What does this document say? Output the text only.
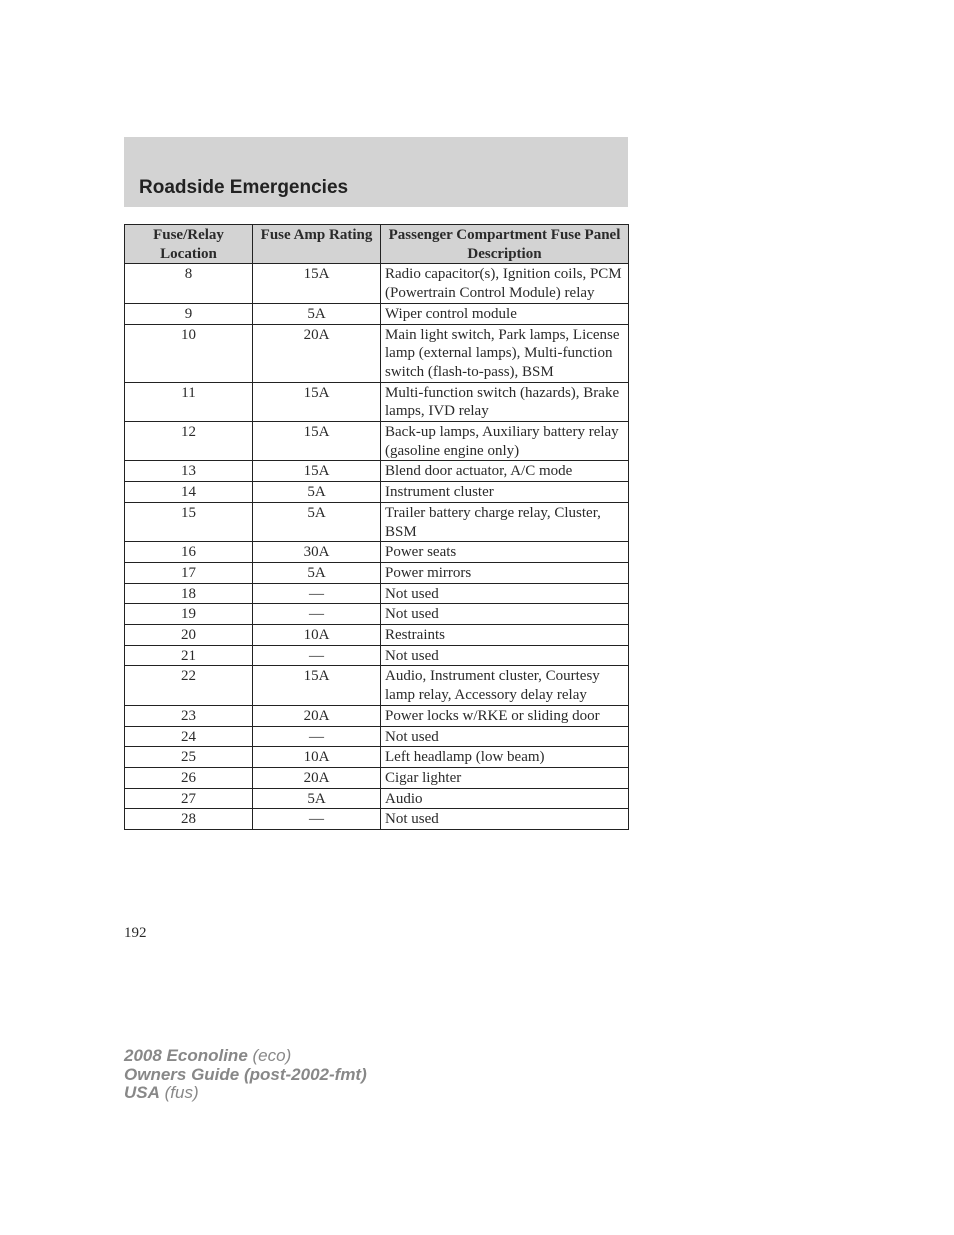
Roadside Emergencies
Fuse/Relay Location	Fuse Amp Rating	Passenger Compartment Fuse Panel Description
8	15A	Radio capacitor(s), Ignition coils, PCM (Powertrain Control Module) relay
9	5A	Wiper control module
10	20A	Main light switch, Park lamps, License lamp (external lamps), Multi-function switch (flash-to-pass), BSM
11	15A	Multi-function switch (hazards), Brake lamps, IVD relay
12	15A	Back-up lamps, Auxiliary battery relay (gasoline engine only)
13	15A	Blend door actuator, A/C mode
14	5A	Instrument cluster
15	5A	Trailer battery charge relay, Cluster, BSM
16	30A	Power seats
17	5A	Power mirrors
18	—	Not used
19	—	Not used
20	10A	Restraints
21	—	Not used
22	15A	Audio, Instrument cluster, Courtesy lamp relay, Accessory delay relay
23	20A	Power locks w/RKE or sliding door
24	—	Not used
25	10A	Left headlamp (low beam)
26	20A	Cigar lighter
27	5A	Audio
28	—	Not used
192
2008 Econoline (eco)
Owners Guide (post-2002-fmt)
USA (fus)
